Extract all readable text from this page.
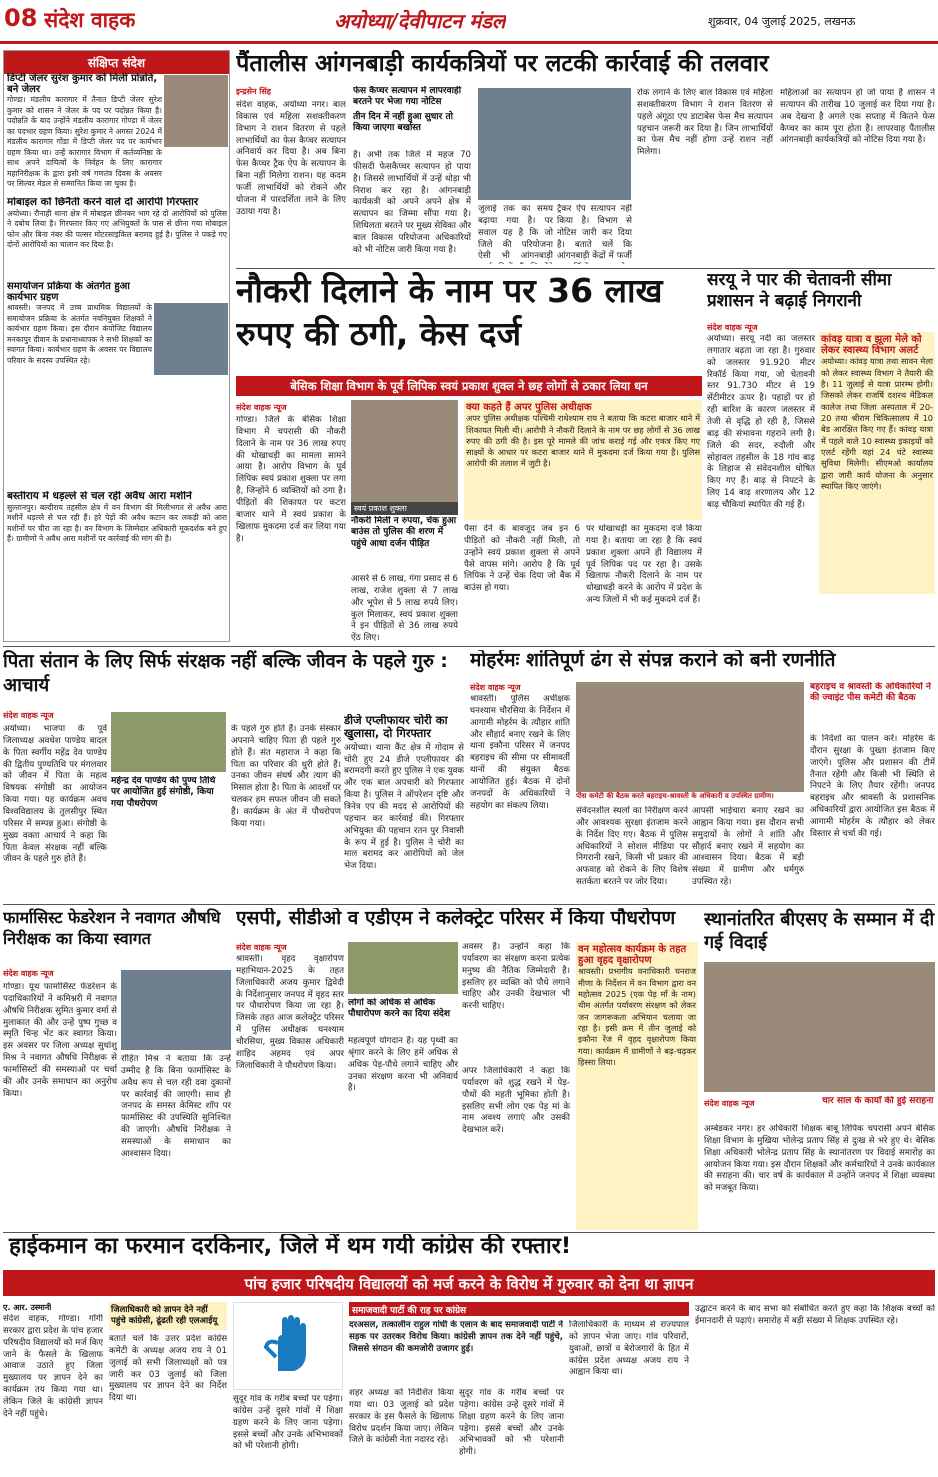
08 संदेश वाहक	अयोध्या/देवीपाटन मंडल	शुक्रवार, 04 जुलाई 2025, लखनऊ
संक्षिप्त संदेश
डिप्टी जेलर सुरेश कुमार को मिली प्रोन्नति, बने जेलर
गोण्डा। मंडलीय कारागार में तैनात डिप्टी जेलर सुरेश कुमार को शासन ने जेलर के पद पर पदोन्नत किया है। पदोन्नति के बाद उन्होंने मंडलीय कारागार गोण्डा में जेलर का पदभार ग्रहण किया। सुरेश कुमार ने अगस्त 2024 में मंडलीय कारागार गोंडा में डिप्टी जेलर पद पर कार्यभार ग्रहण किया था। उन्हें कारागार विभाग में कर्तव्यनिष्ठा के साथ अपने दायित्वों के निर्वहन के लिए कारागार महानिरीक्षक के द्वारा इसी वर्ष गणतंत्र दिवस के अवसर पर सिल्वर मेडल से सम्मानित किया जा चुका है।
मोबाइल को छिनैती करने वाले दो आरोपी गिरफ्तार
अयोध्या। रौनाही थाना क्षेत्र में मोबाइल छीनकर भाग रहे दो आरोपियों को पुलिस ने दबोच लिया है। गिरफ्तार किए गए अभियुक्तों के पास से छीना गया मोबाइल फोन और बिना नंबर की पल्सर मोटरसाइकिल बरामद हुई है। पुलिस ने पकड़े गए दोनों आरोपियों का चालान कर दिया है।
समायोजन प्रक्रिया के अंतर्गत हुआ कार्यभार ग्रहण
श्रावस्ती। जनपद में उच्च प्राथमिक विद्यालयों के समायोजन प्रक्रिया के अंतर्गत नवनियुक्त शिक्षकों ने कार्यभार ग्रहण किया। इस दौरान कंपोजिट विद्यालय मनकापुर दीवान के प्रधानाध्यापक ने सभी शिक्षकों का स्वागत किया। कार्यभार ग्रहण के अवसर पर विद्यालय परिवार के सदस्य उपस्थित रहे।
बस्तीराय में धड़ल्ले से चल रही अवैध आरा मशीनें
सुल्तानपुर। बल्दीराय तहसील क्षेत्र में वन विभाग की मिलीभगत से अवैध आरा मशीनें धड़ल्ले से चल रही हैं। हरे पेड़ों की अवैध कटान कर लकड़ी को आरा मशीनों पर चीरा जा रहा है। वन विभाग के जिम्मेदार अधिकारी मूकदर्शक बने हुए हैं। ग्रामीणों ने अवैध आरा मशीनों पर कार्रवाई की मांग की है।
पैंतालीस आंगनबाड़ी कार्यकत्रियों पर लटकी कार्रवाई की तलवार
इन्द्रसेन सिंह
संदेश वाहक, अयोध्या नगर। बाल विकास एवं महिला सशक्तीकरण विभाग ने राशन वितरण से पहले लाभार्थियों का फेस कैप्चर सत्यापन अनिवार्य कर दिया है। अब बिना फेस कैप्चर ट्रैक ऐप के सत्यापन के बिना नहीं मिलेगा राशन। यह कदम फर्जी लाभार्थियों को रोकने और योजना में पारदर्शिता लाने के लिए उठाया गया है।
फेस कैप्चर सत्यापन में लापरवाही बरतने पर भेजा गया नोटिस
तीन दिन में नहीं हुआ सुधार तो किया जाएगा बर्खास्त
है। अभी तक जिले में महज 70 फीसदी फेसकैप्चर सत्यापन हो पाया है। जिससे लाभार्थियों में उन्हें थोड़ा भी निराश कर रहा है। आंगनबाड़ी कार्यकत्री को अपने अपने क्षेत्र में सत्यापन का जिम्मा सौंपा गया है। शिथिलता बरतने पर मुख्य सेविका और बाल विकास परियोजना अधिकारियों को भी नोटिस जारी किया गया है।
जुलाई तक का समय बढ़ाया गया है। पर सवाल यह है कि जो जिले की परियोजना ऐसी भी आंगनबाड़ी
ट्रैकर ऐप सत्यापन नहीं किया है। विभाग से नोटिस जारी कर दिया है। बताते चलें कि आंगनबाड़ी केंद्रों में फर्जी
रोक लगाने के लिए बाल विकास एवं महिला सशक्तीकरण विभाग ने राशन वितरण से पहले अंगूठा एप डाटाबेस फेस मैच सत्यापन पहचान जरूरी कर दिया है। जिन लाभार्थियों का फेस मैच नहीं होगा उन्हें राशन नहीं मिलेगा।
महिलाओं का सत्यापन हो जो पाया है शासन ने सत्यापन की तारीख 10 जुलाई कर दिया गया है। अब देखना है अगले एक सप्ताह में कितने फेस कैप्चर का काम पूरा होता है। लापरवाह पैंतालीस आंगनबाड़ी कार्यकत्रियों को नोटिस दिया गया है।
नौकरी दिलाने के नाम पर 36 लाख रुपए की ठगी, केस दर्ज
बेसिक शिक्षा विभाग के पूर्व लिपिक स्वयं प्रकाश शुक्ल ने छह लोगों से ठकार लिया धन
संदेश वाहक न्यूज
गोण्डा। जिले के बेसिक शिक्षा विभाग में चपरासी की नौकरी दिलाने के नाम पर 36 लाख रुपए की धोखाधड़ी का मामला सामने आया है। आरोप विभाग के पूर्व लिपिक स्वयं प्रकाश शुक्ला पर लगा है, जिन्होंने 6 व्यक्तियों को ठगा है। पीड़ितों की शिकायत पर कटरा बाजार थाने में स्वयं प्रकाश के खिलाफ मुकदमा दर्ज कर लिया गया है।
स्वयं प्रकाश शुक्ला
नौकरी मिली न रुपया, चेक हुआ बाउंस तो पुलिस की शरण में पहुंचे आधा दर्जन पीड़ित
आसरे से 6 लाख, गंगा प्रसाद से 6 लाख, राजेश शुक्ला से 7 लाख और भूपेश से 5 लाख रुपये लिए। कुल मिलाकर, स्वयं प्रकाश शुक्ला ने इन पीड़ितों से 36 लाख रुपये ऐंठ लिए।
क्या कहते हैं अपर पुलिस अधीक्षक
अपर पुलिस अधीक्षक पश्चिमी राधेश्याम राय ने बताया कि कटरा बाजार थाने में शिकायत मिली थी। आरोपी ने नौकरी दिलाने के नाम पर छह लोगों से 36 लाख रुपए की ठगी की है। इस पूरे मामले की जांच कराई गई और एकत्र किए गए साक्ष्यों के आधार पर कटरा बाजार थाने में मुकदमा दर्ज किया गया है। पुलिस आरोपी की तलाश में जुटी है।
पैसा देने के बावजूद जब इन 6 पीड़ितों को नौकरी नहीं मिली, तो उन्होंने स्वयं प्रकाश शुक्ला से अपने पैसे वापस मांगे। आरोप है कि पूर्व लिपिक ने उन्हें चेक दिया जो बैंक में बाउंस हो गया।
पर धोखाधड़ी का मुकदमा दर्ज किया गया है। बताया जा रहा है कि स्वयं प्रकाश शुक्ला अपने ही विद्यालय में पूर्व लिपिक पद पर रहा है। उसके खिलाफ नौकरी दिलाने के नाम पर धोखाधड़ी करने के आरोप में प्रदेश के अन्य जिलों में भी कई मुकदमे दर्ज हैं।
सरयू ने पार की चेतावनी सीमा प्रशासन ने बढ़ाई निगरानी
संदेश वाहक न्यूज
अयोध्या। सरयू नदी का जलस्तर लगातार बढ़ता जा रहा है। गुरुवार को जलस्तर 91.920 मीटर रिकॉर्ड किया गया, जो चेतावनी स्तर 91.730 मीटर से 19 सेंटीमीटर ऊपर है। पहाड़ों पर हो रही बारिश के कारण जलस्तर में तेजी से वृद्धि हो रही है, जिससे बाढ़ की संभावना गहराने लगी है। जिले की सदर, रुदौली और सोहावल तहसील के 18 गांव बाढ़ के लिहाज से संवेदनशील घोषित किए गए हैं। बाढ़ से निपटने के लिए 14 बाढ़ शरणालय और 12 बाढ़ चौकियां स्थापित की गई हैं।
कांवड़ यात्रा व झूला मेले को लेकर स्वास्थ्य विभाग अलर्ट
अयोध्या। कांवड़ यात्रा तथा सावन मेला को लेकर स्वास्थ्य विभाग ने तैयारी की है। 11 जुलाई से यात्रा प्रारम्भ होगी। जिसको लेकर राजर्षि दशरथ मेडिकल कालेज तथा जिला अस्पताल में 20-20 तथा श्रीराम चिकित्सालय में 10 बेड आरक्षित किए गए हैं। कांवड़ यात्रा में पहले वाले 10 स्वास्थ्य इकाइयों को एलर्ट रहेंगी यहां 24 घंटे स्वास्थ्य सुविधा मिलेगी। सीएमओ कार्यालय द्वारा जारी कार्य योजना के अनुसार स्थापित किए जाएंगे।
पिता संतान के लिए सिर्फ संरक्षक नहीं बल्कि जीवन के पहले गुरु : आचार्य
संदेश वाहक न्यूज
अयोध्या। भाजपा के पूर्व जिलाध्यक्ष अवधेश पाण्डेय बादल के पिता स्वर्गीय महेंद्र देव पाण्डेय की द्वितीय पुण्यतिथि पर मंगलवार को जीवन में पिता के महत्व विषयक संगोष्ठी का आयोजन किया गया। यह कार्यक्रम अवध विश्वविद्यालय के तुलसीपुर स्थित परिसर में सम्पन्न हुआ। संगोष्ठी के मुख्य वक्ता आचार्य ने कहा कि पिता केवल संरक्षक नहीं बल्कि जीवन के पहले गुरु होते हैं।
महेन्द्र देव पाण्डेय की पुण्य तिथि पर आयोजित हुई संगोष्ठी, किया गया पौधरोपण
के पहले गुरु होते हैं। उनके संस्कार अपनाने चाहिए पिता ही पहले गुरु होते हैं। संत महाराज ने कहा कि पिता का परिवार की धुरी होते हैं। उनका जीवन संघर्ष और त्याग की मिसाल होता है। पिता के आदर्शों पर चलकर हम सफल जीवन जी सकते हैं। कार्यक्रम के अंत में पौधरोपण किया गया।
डीजे एप्लीफायर चोरी का खुलासा, दो गिरफ्तार
अयोध्या। थाना कैंट क्षेत्र में गोदाम से चोरी हुए 24 डीजे एप्लीफायर की बरामदगी करते हुए पुलिस ने एक युवक और एक बाल अपचारी को गिरफ्तार किया है। पुलिस ने ऑपरेशन दृष्टि और त्रिनेत्र एप की मदद से आरोपियों की पहचान कर कार्रवाई की। गिरफ्तार अभियुक्त की पहचान रतन पुर निवासी के रूप में हुई है। पुलिस ने चोरी का माल बरामद कर आरोपियों को जेल भेज दिया।
मोहर्रमः शांतिपूर्ण ढंग से संपन्न कराने को बनी रणनीति
संदेश वाहक न्यूज
श्रावस्ती। पुलिस अधीक्षक घनश्याम चौरसिया के निर्देशन में आगामी मोहर्रम के त्यौहार शांति और सौहार्द बनाए रखने के लिए थाना इकौना परिसर में जनपद बहराइच की सीमा पर सीमावर्ती थानों की संयुक्त बैठक आयोजित हुई। बैठक में दोनों जनपदों के अधिकारियों ने सहयोग का संकल्प लिया।
पीस कमेटी की बैठक करते बहराइच-श्रावस्ती के अधिकारी व उपस्थित ग्रामीण।
संवेदनशील स्थलों का निरीक्षण करने और आवश्यक सुरक्षा इंतजाम करने के निर्देश दिए गए। बैठक में पुलिस अधिकारियों ने सोशल मीडिया पर निगरानी रखने, किसी भी प्रकार की अफवाह को रोकने के लिए विशेष सतर्कता बरतने पर जोर दिया।
आपसी भाईचारा बनाए रखने का आह्वान किया गया। इस दौरान सभी समुदायों के लोगों ने शांति और सौहार्द बनाए रखने में सहयोग का आश्वासन दिया। बैठक में बड़ी संख्या में ग्रामीण और धर्मगुरु उपस्थित रहे।
बहराइच व श्रावस्ती के अधिकारियों ने की ज्वाइंट पीस कमेटी की बैठक
के निर्देशों का पालन करें। मोहर्रम के दौरान सुरक्षा के पुख्ता इंतजाम किए जाएंगे। पुलिस और प्रशासन की टीमें तैनात रहेंगी और किसी भी स्थिति से निपटने के लिए तैयार रहेंगी। जनपद बहराइच और श्रावस्ती के प्रशासनिक अधिकारियों द्वारा आयोजित इस बैठक में आगामी मोहर्रम के त्यौहार को लेकर विस्तार से चर्चा की गई।
फार्मासिस्ट फेडरेशन ने नवागत औषधि निरीक्षक का किया स्वागत
संदेश वाहक न्यूज
गोण्डा। यूथ फार्मासिस्ट फेडरेशन के पदाधिकारियों ने कमिश्नरी में नवागत औषधि निरीक्षक सुमित कुमार वर्मा से मुलाकात की और उन्हें पुष्प गुच्छ व स्मृति चिन्ह भेंट कर स्वागत किया। इस अवसर पर जिला अध्यक्ष सुधांशु मिश्र ने नवागत औषधि निरीक्षक से फार्मासिस्टों की समस्याओं पर चर्चा की और उनके समाधान का अनुरोध किया।
रोहित मिश्र ने बताया कि उन्हें उम्मीद है कि बिना फार्मासिस्ट के अवैध रूप से चल रही दवा दुकानों पर कार्रवाई की जाएगी। साथ ही जनपद के समस्त केमिस्ट शॉप पर फार्मासिस्ट की उपस्थिति सुनिश्चित की जाएगी। औषधि निरीक्षक ने समस्याओं के समाधान का आश्वासन दिया।
एसपी, सीडीओ व एडीएम ने कलेक्ट्रेट परिसर में किया पौधरोपण
संदेश वाहक न्यूज
श्रावस्ती। वृहद वृक्षारोपण महाभियान-2025 के तहत जिलाधिकारी अजय कुमार द्विवेदी के निर्देशानुसार जनपद में वृहद स्तर पर पौधारोपण किया जा रहा है। जिसके तहत आज कलेक्ट्रेट परिसर में पुलिस अधीक्षक घनश्याम चौरसिया, मुख्य विकास अधिकारी शाहिद अहमद एवं अपर जिलाधिकारी ने पौधरोपण किया।
लोगों को अधिक से अधिक पौधारोपण करने का दिया संदेश
महत्वपूर्ण योगदान है। यह पृथ्वी का श्रृंगार करने के लिए हमें अधिक से अधिक पेड़-पौधे लगाने चाहिए और उनका संरक्षण करना भी अनिवार्य है।
अवसर है। उन्होंने कहा कि पर्यावरण का संरक्षण करना प्रत्येक मनुष्य की नैतिक जिम्मेदारी है। इसलिए हर व्यक्ति को पौधे लगाने चाहिए और उनकी देखभाल भी करनी चाहिए।
अपर जिलाधिकारी ने कहा कि पर्यावरण को शुद्ध रखने में पेड़-पौधों की महती भूमिका होती है। इसलिए सभी लोग एक पेड़ मां के नाम अवश्य लगाएं और उसकी देखभाल करें।
वन महोत्सव कार्यक्रम के तहत हुआ वृहद वृक्षारोपण
श्रावस्ती। प्रभागीय वनाधिकारी घनराज मीणा के निर्देशन में वन विभाग द्वारा वन महोत्सव 2025 (एक पेड़ माँ के नाम) थीम अंतर्गत पर्यावरण संरक्षण को लेकर जन जागरूकता अभियान चलाया जा रहा है। इसी क्रम में तीन जुलाई को इकौना रेंज में वृहद वृक्षारोपण किया गया। कार्यक्रम में ग्रामीणों ने बढ़-चढ़कर हिस्सा लिया।
स्थानांतरित बीएसए के सम्मान में दी गई विदाई
संदेश वाहक न्यूज	चार साल के कार्यों की हुई सराहना
अम्बेडकर नगर। हर अधिकारी शिक्षक बाबू लिपिक चपरासी अपने बेसिक शिक्षा विभाग के मुखिया भोलेन्द्र प्रताप सिंह से दुःख से भरे हुए थे। बेसिक शिक्षा अधिकारी भोलेन्द्र प्रताप सिंह के स्थानांतरण पर विदाई समारोह का आयोजन किया गया। इस दौरान शिक्षकों और कर्मचारियों ने उनके कार्यकाल की सराहना की। चार वर्ष के कार्यकाल में उन्होंने जनपद में शिक्षा व्यवस्था को मजबूत किया।
हाईकमान का फरमान दरकिनार, जिले में थम गयी कांग्रेस की रफ्तार!
पांच हजार परिषदीय विद्यालयों को मर्ज करने के विरोध में गुरुवार को देना था ज्ञापन
ए. आर. उस्मानी
संदेश वाहक, गोण्डा। गोंगी सरकार द्वारा प्रदेश के पांच हजार परिषदीय विद्यालयों को मर्ज किए जाने के फैसले के खिलाफ आवाज उठाते हुए जिला मुख्यालय पर ज्ञापन देने का कार्यक्रम तय किया गया था। लेकिन जिले के कांग्रेसी ज्ञापन देने नहीं पहुंचे।
जिलाधिकारी को ज्ञापन देने नहीं पहुंचे कांग्रेसी, ढूंढती रही एलआईयू
बताते चलें कि उत्तर प्रदेश कांग्रेस कमेटी के अध्यक्ष अजय राय ने 01 जुलाई को सभी जिलाध्यक्षों को पत्र जारी कर 03 जुलाई को जिला मुख्यालय पर ज्ञापन देने का निर्देश दिया था।	सुदूर गांव के गरीब बच्चों पर पड़ेगा। कांग्रेस उन्हें दूसरे गांवों में शिक्षा ग्रहण करने के लिए जाना पड़ेगा। इससे बच्चों और उनके अभिभावकों को भी परेशानी होगी।
समाजवादी पार्टी की राह पर कांग्रेस
दरअसल, तत्कालीन राहुल गांधी के एलान के बाद समाजवादी पार्टी ने सड़क पर उतरकर विरोध किया। कांग्रेसी ज्ञापन तक देने नहीं पहुंचे, जिससे संगठन की कमजोरी उजागर हुई।
शहर अध्यक्ष को निर्देशित किया गया था। 03 जुलाई को प्रदेश सरकार के इस फैसले के खिलाफ विरोध प्रदर्शन किया जाए। लेकिन जिले के कांग्रेसी नेता नदारद रहे।
सुदूर गांव के गरीब बच्चों पर पड़ेगा। कांग्रेस उन्हें दूसरे गांवों में शिक्षा ग्रहण करने के लिए जाना पड़ेगा। इससे बच्चों और उनके अभिभावकों को भी परेशानी होगी।
जिलाधिकारी के माध्यम से राज्यपाल को ज्ञापन भेजा जाए। गांव परिवारों, युवाओं, छात्रों व बेरोजगारों के हित में कांग्रेस प्रदेश अध्यक्ष अजय राय ने आह्वान किया था।
उद्घाटन करने के बाद सभा को संबोधित करते हुए कहा कि शिक्षक बच्चों को ईमानदारी से पढ़ाएं। समारोह में बड़ी संख्या में शिक्षक उपस्थित रहे।
